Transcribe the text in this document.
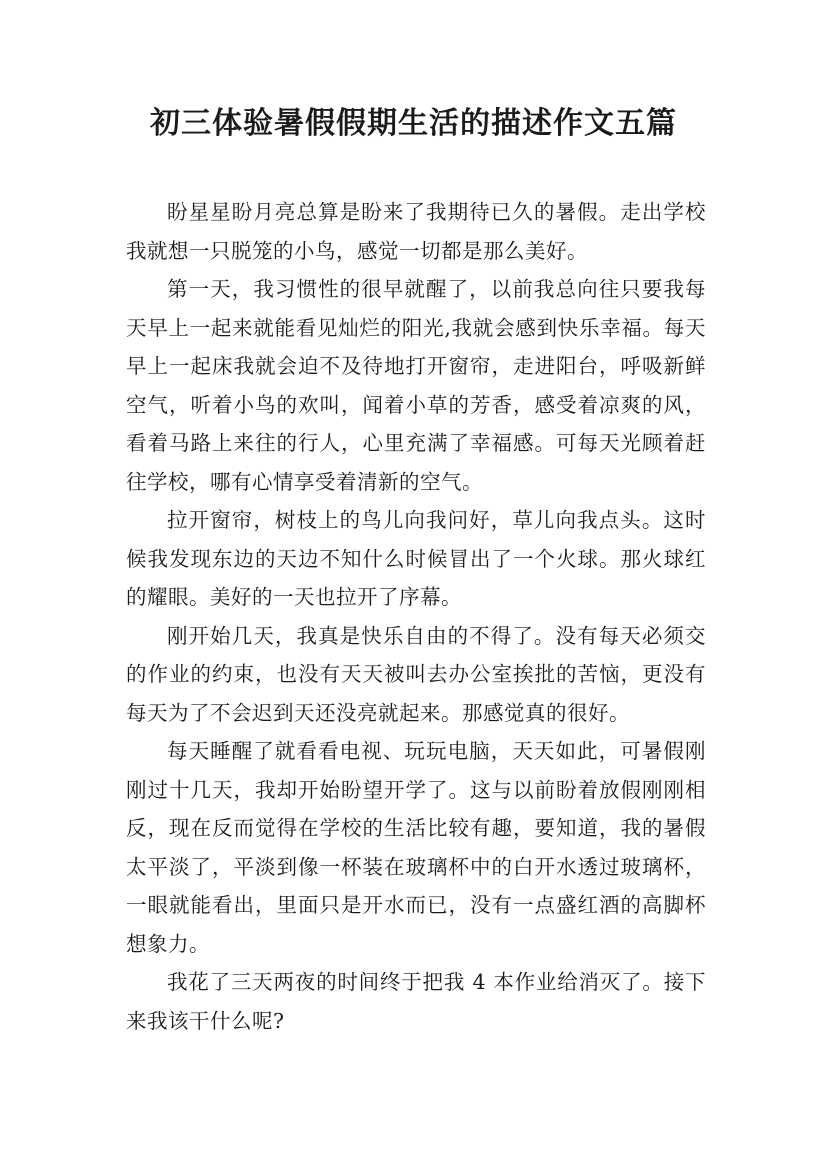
初三体验暑假假期生活的描述作文五篇

盼星星盼月亮总算是盼来了我期待已久的暑假。走出学校我就想一只脱笼的小鸟，感觉一切都是那么美好。

第一天，我习惯性的很早就醒了，以前我总向往只要我每天早上一起来就能看见灿烂的阳光,我就会感到快乐幸福。每天早上一起床我就会迫不及待地打开窗帘，走进阳台，呼吸新鲜空气，听着小鸟的欢叫，闻着小草的芳香，感受着凉爽的风，看着马路上来往的行人，心里充满了幸福感。可每天光顾着赶往学校，哪有心情享受着清新的空气。

拉开窗帘，树枝上的鸟儿向我问好，草儿向我点头。这时候我发现东边的天边不知什么时候冒出了一个火球。那火球红的耀眼。美好的一天也拉开了序幕。

刚开始几天，我真是快乐自由的不得了。没有每天必须交的作业的约束，也没有天天被叫去办公室挨批的苦恼，更没有每天为了不会迟到天还没亮就起来。那感觉真的很好。

每天睡醒了就看看电视、玩玩电脑，天天如此，可暑假刚刚过十几天，我却开始盼望开学了。这与以前盼着放假刚刚相反，现在反而觉得在学校的生活比较有趣，要知道，我的暑假太平淡了，平淡到像一杯装在玻璃杯中的白开水透过玻璃杯，一眼就能看出，里面只是开水而已，没有一点盛红酒的高脚杯想象力。

我花了三天两夜的时间终于把我 4 本作业给消灭了。接下来我该干什么呢?
